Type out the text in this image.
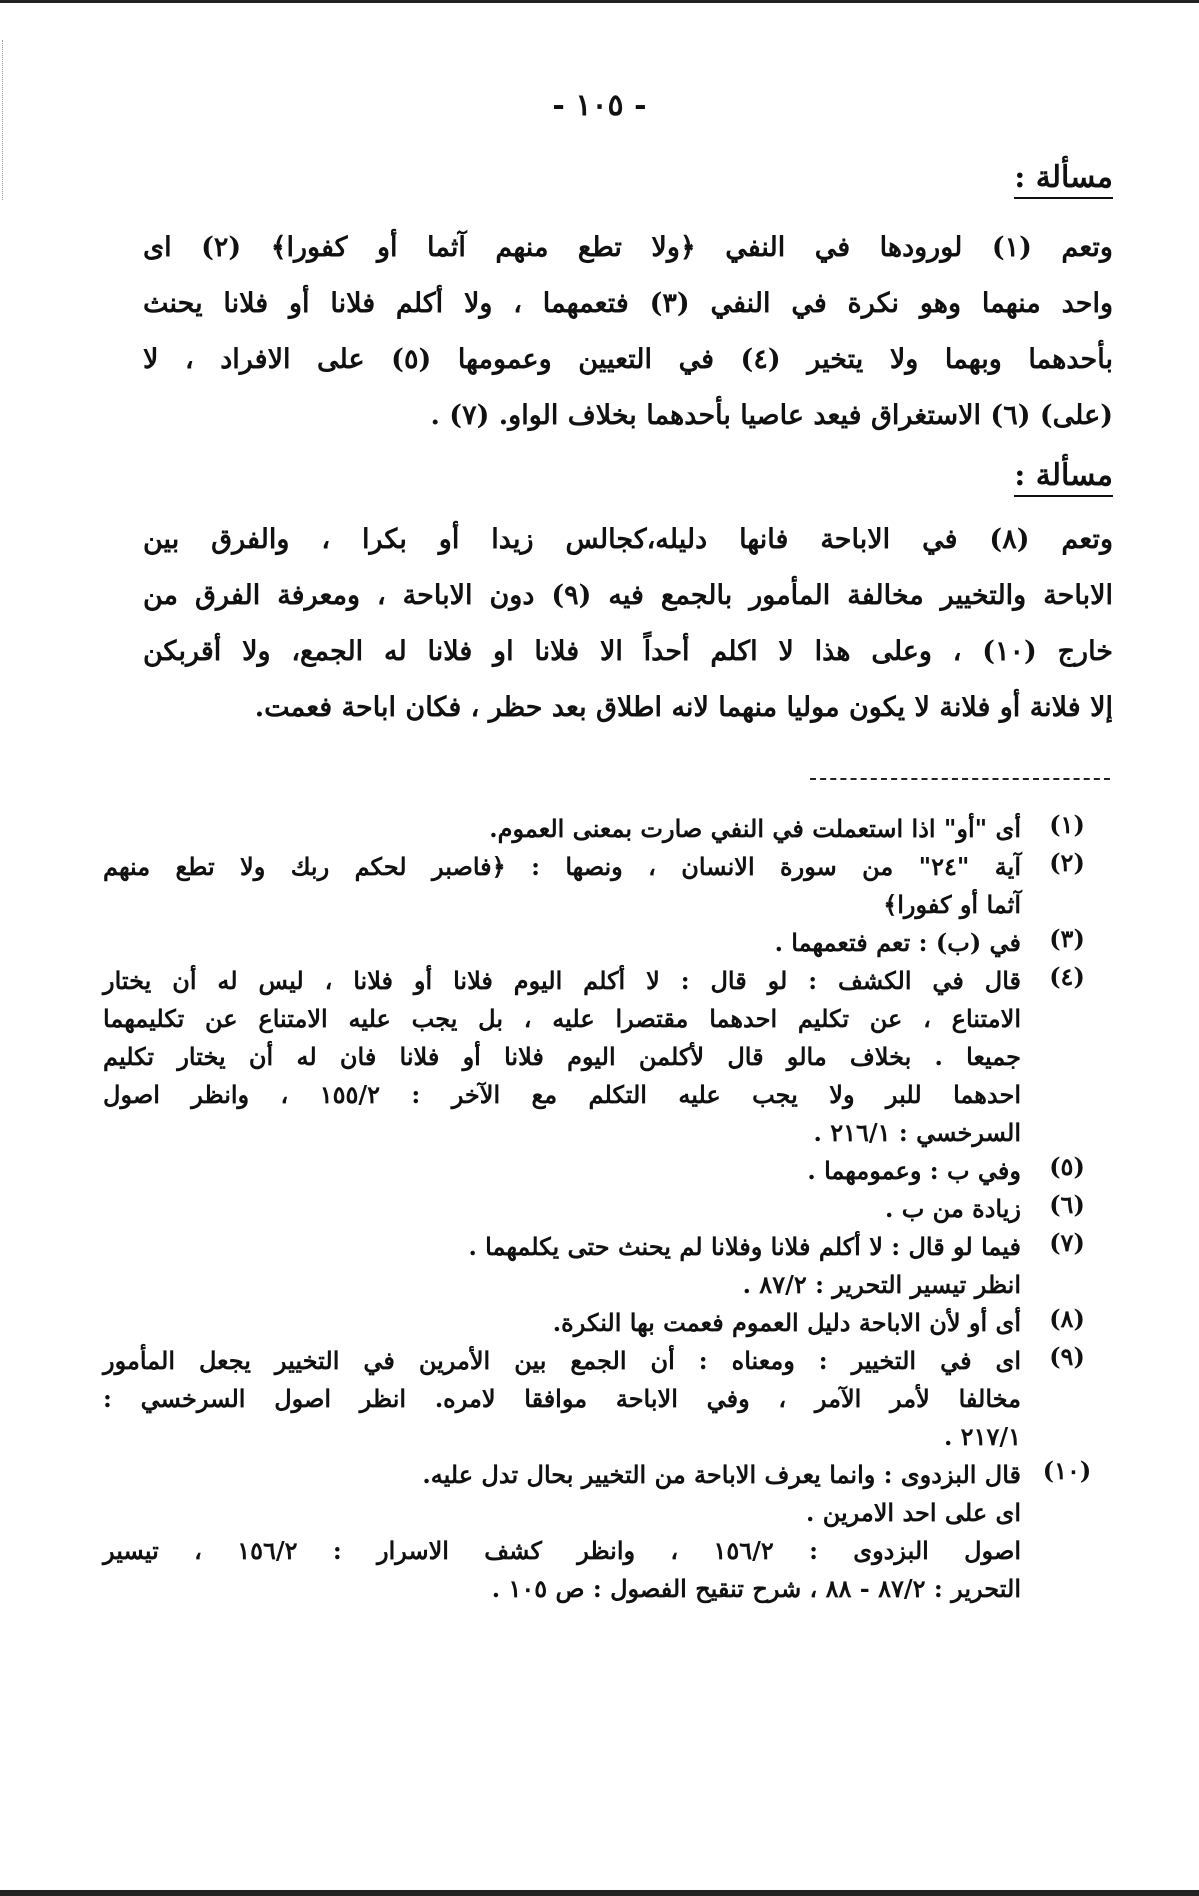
- ١٠٥ -
مسألة :
وتعم (١) لورودها في النفي ﴿ولا تطع منهم آثما أو كفورا﴾ (٢) اى
واحد منهما وهو نكرة في النفي (٣) فتعمهما ، ولا أكلم فلانا أو فلانا يحنث
بأحدهما وبهما ولا يتخير (٤) في التعيين وعمومها (٥) على الافراد ، لا
(على) (٦) الاستغراق فيعد عاصيا بأحدهما بخلاف الواو. (٧) .
مسألة :
وتعم (٨) في الاباحة فانها دليله،كجالس زيدا أو بكرا ، والفرق بين
الاباحة والتخيير مخالفة المأمور بالجمع فيه (٩) دون الاباحة ، ومعرفة الفرق من
خارج (١٠) ، وعلى هذا لا اكلم أحداً الا فلانا او فلانا له الجمع، ولا أقربكن
إلا فلانة أو فلانة لا يكون موليا منهما لانه اطلاق بعد حظر ، فكان اباحة فعمت.
(١)
أى "أو" اذا استعملت في النفي صارت بمعنى العموم.
(٢)
آية "٢٤" من سورة الانسان ، ونصها : ﴿فاصبر لحكم ربك ولا تطع منهم
آثما أو كفورا﴾
(٣)
في (ب) : تعم فتعمهما .
(٤)
قال في الكشف : لو قال : لا أكلم اليوم فلانا أو فلانا ، ليس له أن يختار
الامتناع ، عن تكليم احدهما مقتصرا عليه ، بل يجب عليه الامتناع عن تكليمهما
جميعا . بخلاف مالو قال لأكلمن اليوم فلانا أو فلانا فان له أن يختار تكليم
احدهما للبر ولا يجب عليه التكلم مع الآخر : ١٥٥/٢ ، وانظر اصول
السرخسي : ٢١٦/١ .
(٥)
وفي ب : وعمومهما .
(٦)
زيادة من ب .
(٧)
فيما لو قال : لا أكلم فلانا وفلانا لم يحنث حتى يكلمهما .
انظر تيسير التحرير : ٨٧/٢ .
(٨)
أى أو لأن الاباحة دليل العموم فعمت بها النكرة.
(٩)
اى في التخيير : ومعناه : أن الجمع بين الأمرين في التخيير يجعل المأمور
مخالفا لأمر الآمر ، وفي الاباحة موافقا لامره. انظر اصول السرخسي :
٢١٧/١ .
(١٠)
قال البزدوى : وانما يعرف الاباحة من التخيير بحال تدل عليه.
اى على احد الامرين .
اصول البزدوى : ١٥٦/٢ ، وانظر كشف الاسرار : ١٥٦/٢ ، تيسير
التحرير : ٨٧/٢ - ٨٨ ، شرح تنقيح الفصول : ص ١٠٥ .
